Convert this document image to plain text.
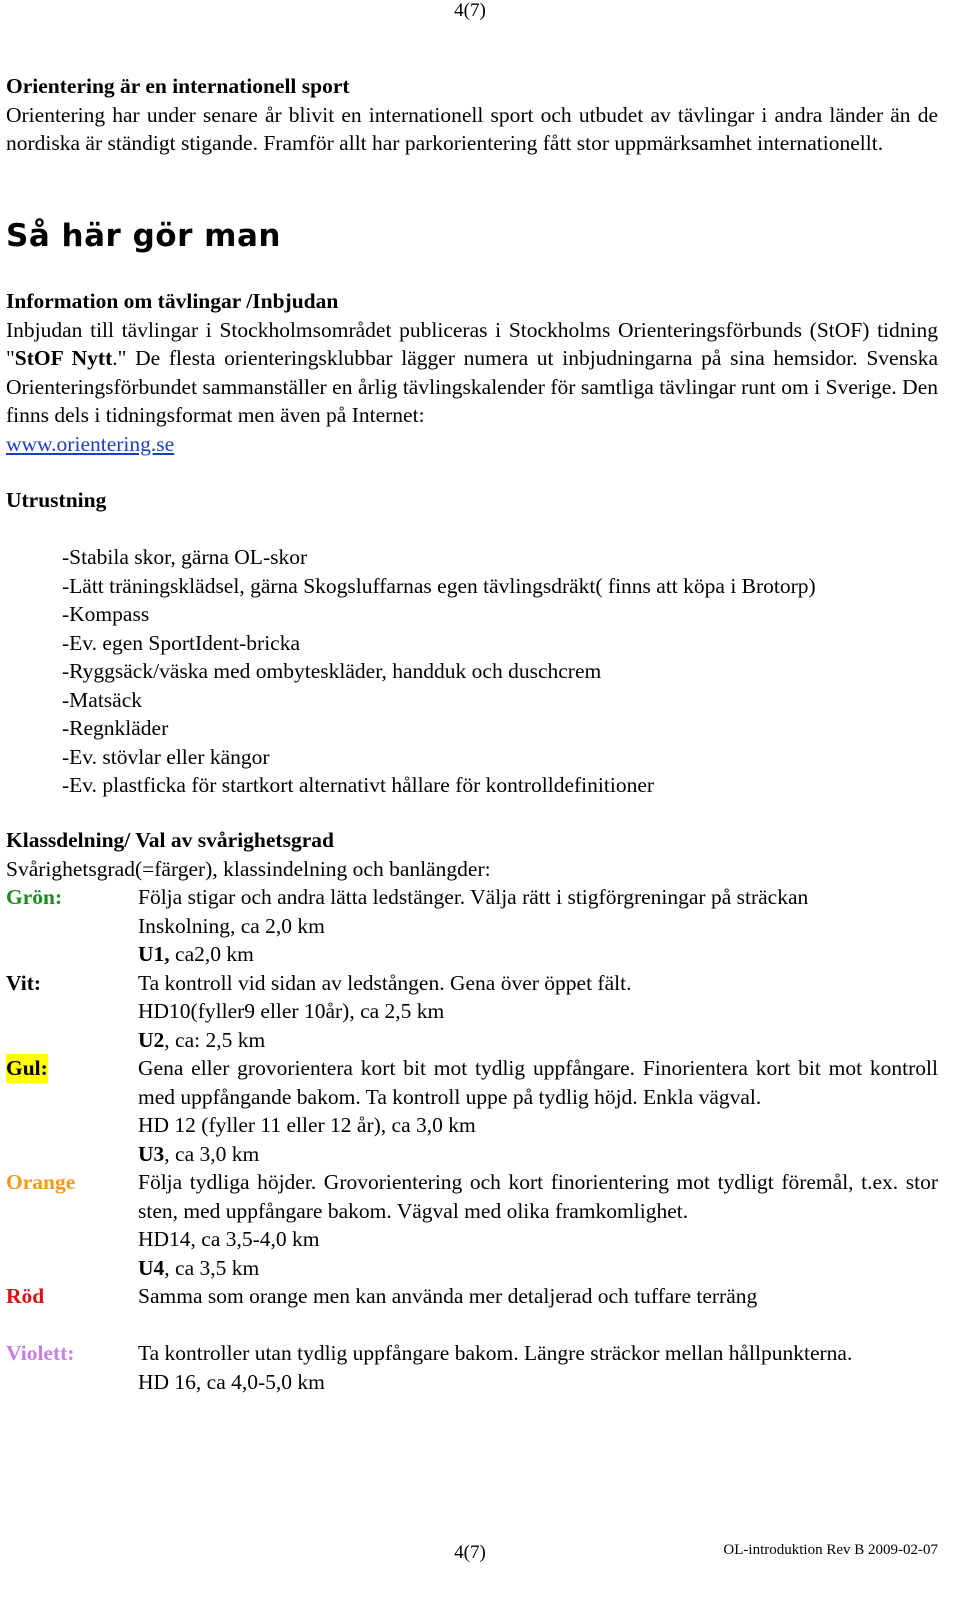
4(7)
Orientering är en internationell sport
Orientering har under senare år blivit en internationell sport och utbudet av tävlingar i andra länder än de nordiska är ständigt stigande. Framför allt har parkorientering fått stor uppmärksamhet internationellt.
Så här gör man
Information om tävlingar /Inbjudan
Inbjudan till tävlingar i Stockholmsområdet publiceras i Stockholms Orienteringsförbunds (StOF) tidning "StOF Nytt." De flesta orienteringsklubbar lägger numera ut inbjudningarna på sina hemsidor. Svenska Orienteringsförbundet sammanställer en årlig tävlingskalender för samtliga tävlingar runt om i Sverige. Den finns dels i tidningsformat men även på Internet:
www.orientering.se
Utrustning
-Stabila skor, gärna OL-skor
-Lätt träningsklädsel, gärna Skogsluffarnas egen tävlingsdräkt( finns att köpa i Brotorp)
-Kompass
-Ev. egen SportIdent-bricka
-Ryggsäck/väska med ombyteskläder, handduk och duschcrem
-Matsäck
-Regnkläder
-Ev. stövlar eller kängor
-Ev. plastficka för startkort alternativt hållare för kontrolldefinitioner
Klassdelning/ Val av svårighetsgrad
Svårighetsgrad(=färger), klassindelning och banlängder:
Grön:	Följa stigar och andra lätta ledstänger. Välja rätt i stigförgreningar på sträckan
Inskolning, ca 2,0 km
U1, ca2,0 km
Vit:	Ta kontroll vid sidan av ledstången. Gena över öppet fält.
HD10(fyller9 eller 10år), ca 2,5 km
U2, ca: 2,5 km
Gul:	Gena eller grovorientera kort bit mot tydlig uppfångare. Finorientera kort bit mot kontroll med uppfångande bakom. Ta kontroll uppe på tydlig höjd. Enkla vägval.
HD 12 (fyller 11 eller 12 år), ca 3,0 km
U3, ca 3,0 km
Orange	Följa tydliga höjder. Grovorientering och kort finorientering mot tydligt föremål, t.ex. stor sten, med uppfångare bakom. Vägval med olika framkomlighet.
HD14, ca 3,5-4,0 km
U4, ca 3,5 km
Röd	Samma som orange men kan använda mer detaljerad och tuffare terräng

Violett:	Ta kontroller utan tydlig uppfångare bakom. Längre sträckor mellan hållpunkterna.
HD 16, ca 4,0-5,0 km
4(7)	OL-introduktion Rev B 2009-02-07
